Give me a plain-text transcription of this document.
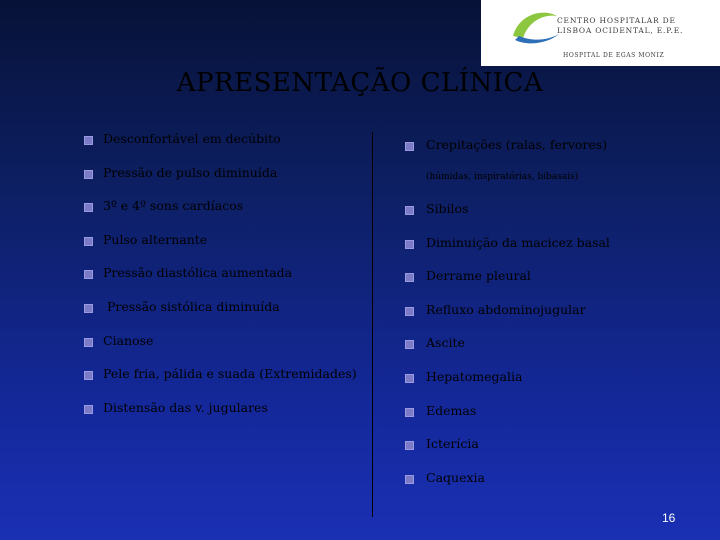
CENTRO HOSPITALAR DE
LISBOA OCIDENTAL, E.P.E.
HOSPITAL DE EGAS MONIZ
APRESENTAÇÃO CLÍNICA
Desconfortável em decúbito
Pressão de pulso diminuída
3º e 4º sons cardíacos
Pulso alternante
Pressão diastólica aumentada
Pressão sistólica diminuída
Cianose
Pele fria, pálida e suada (Extremidades)
Distensão das v. jugulares
Crepitações (ralas, fervores)
(húmidas, inspiratórias, bibasais)
Sibilos
Diminuição da macicez basal
Derrame pleural
Refluxo abdominojugular
Ascite
Hepatomegalia
Edemas
Icterícia
Caquexia
16
